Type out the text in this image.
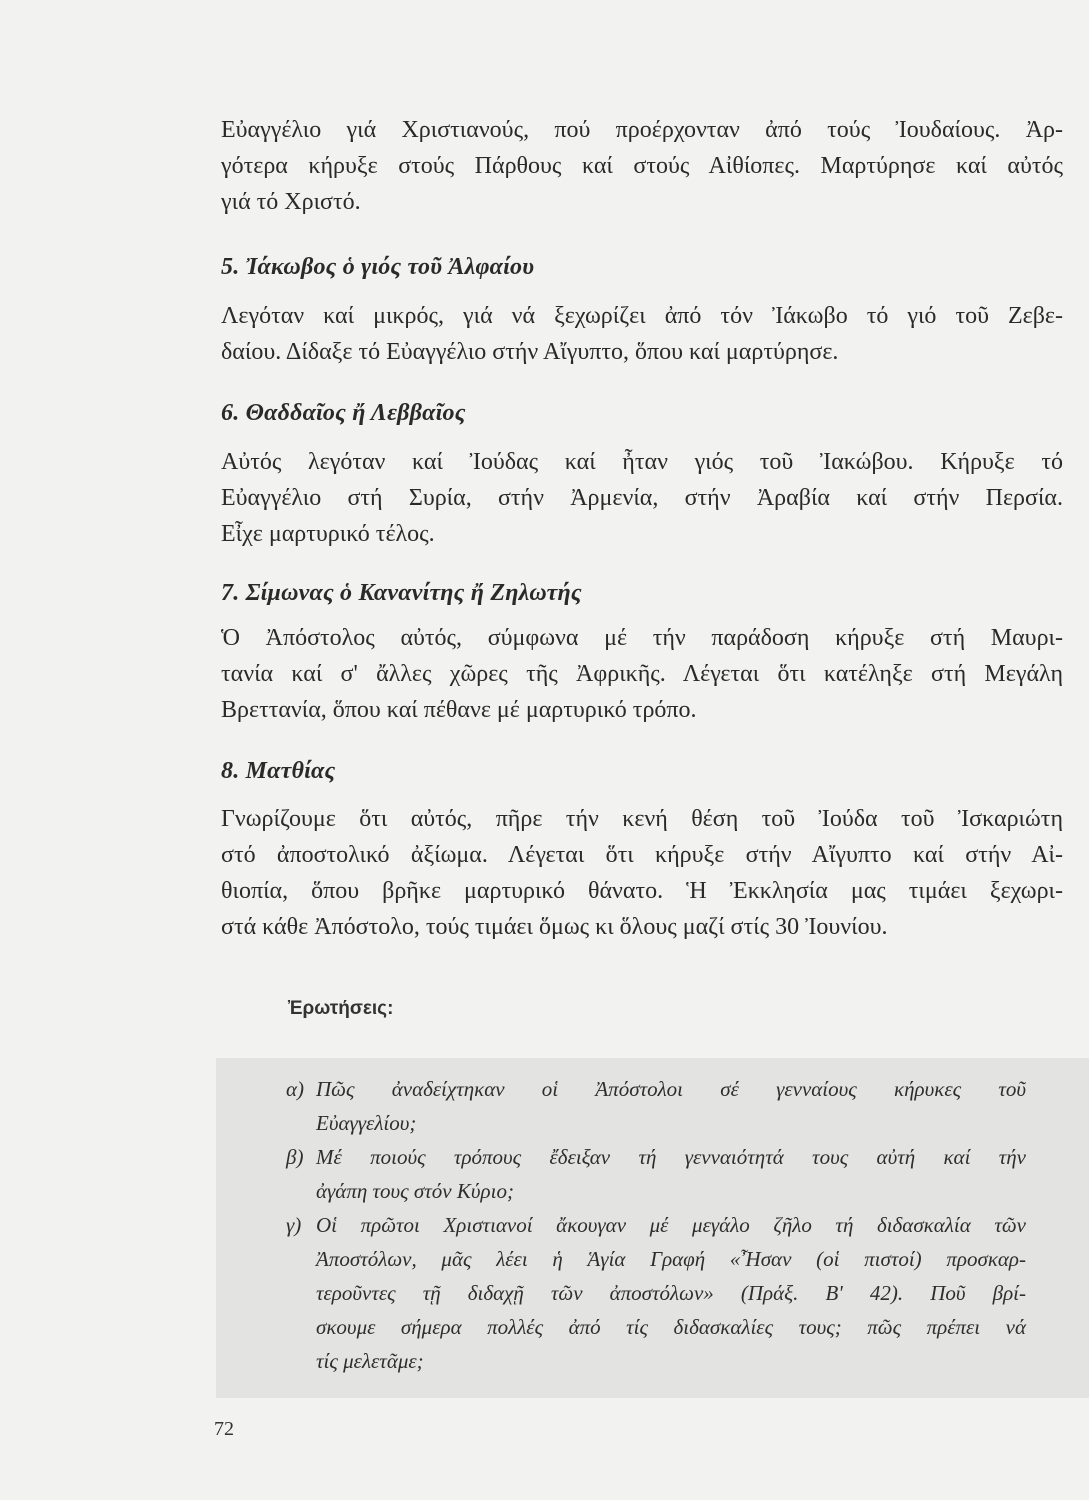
Εὐαγγέλιο γιά Χριστιανούς, πού προέρχονταν ἀπό τούς Ἰουδαίους. Ἀρ-
γότερα κήρυξε στούς Πάρθους καί στούς Αἰθίοπες. Μαρτύρησε καί αὐτός
γιά τό Χριστό.
5. Ἰάκωβος ὁ γιός τοῦ Ἀλφαίου
Λεγόταν καί μικρός, γιά νά ξεχωρίζει ἀπό τόν Ἰάκωβο τό γιό τοῦ Ζεβε-
δαίου. Δίδαξε τό Εὐαγγέλιο στήν Αἴγυπτο, ὅπου καί μαρτύρησε.
6. Θαδδαῖος ἤ Λεββαῖος
Αὐτός λεγόταν καί Ἰούδας καί ἦταν γιός τοῦ Ἰακώβου. Κήρυξε τό
Εὐαγγέλιο στή Συρία, στήν Ἀρμενία, στήν Ἀραβία καί στήν Περσία.
Εἶχε μαρτυρικό τέλος.
7. Σίμωνας ὁ Κανανίτης ἤ Ζηλωτής
Ὁ Ἀπόστολος αὐτός, σύμφωνα μέ τήν παράδοση κήρυξε στή Μαυρι-
τανία καί σ' ἄλλες χῶρες τῆς Ἀφρικῆς. Λέγεται ὅτι κατέληξε στή Μεγάλη
Βρεττανία, ὅπου καί πέθανε μέ μαρτυρικό τρόπο.
8. Ματθίας
Γνωρίζουμε ὅτι αὐτός, πῆρε τήν κενή θέση τοῦ Ἰούδα τοῦ Ἰσκαριώτη
στό ἀποστολικό ἀξίωμα. Λέγεται ὅτι κήρυξε στήν Αἴγυπτο καί στήν Αἰ-
θιοπία, ὅπου βρῆκε μαρτυρικό θάνατο. Ἡ Ἐκκλησία μας τιμάει ξεχωρι-
στά κάθε Ἀπόστολο, τούς τιμάει ὅμως κι ὅλους μαζί στίς 30 Ἰουνίου.
Ἐρωτήσεις:
α) Πῶς ἀναδείχτηκαν οἱ Ἀπόστολοι σέ γενναίους κήρυκες τοῦ
Εὐαγγελίου;
β) Μέ ποιούς τρόπους ἔδειξαν τή γενναιότητά τους αὐτή καί τήν
ἀγάπη τους στόν Κύριο;
γ) Οἱ πρῶτοι Χριστιανοί ἄκουγαν μέ μεγάλο ζῆλο τή διδασκαλία τῶν
Ἀποστόλων, μᾶς λέει ἡ Ἁγία Γραφή «Ἦσαν (οἱ πιστοί) προσκαρ-
τεροῦντες τῇ διδαχῇ τῶν ἀποστόλων» (Πράξ. Β' 42). Ποῦ βρί-
σκουμε σήμερα πολλές ἀπό τίς διδασκαλίες τους; πῶς πρέπει νά
τίς μελετᾶμε;
72
